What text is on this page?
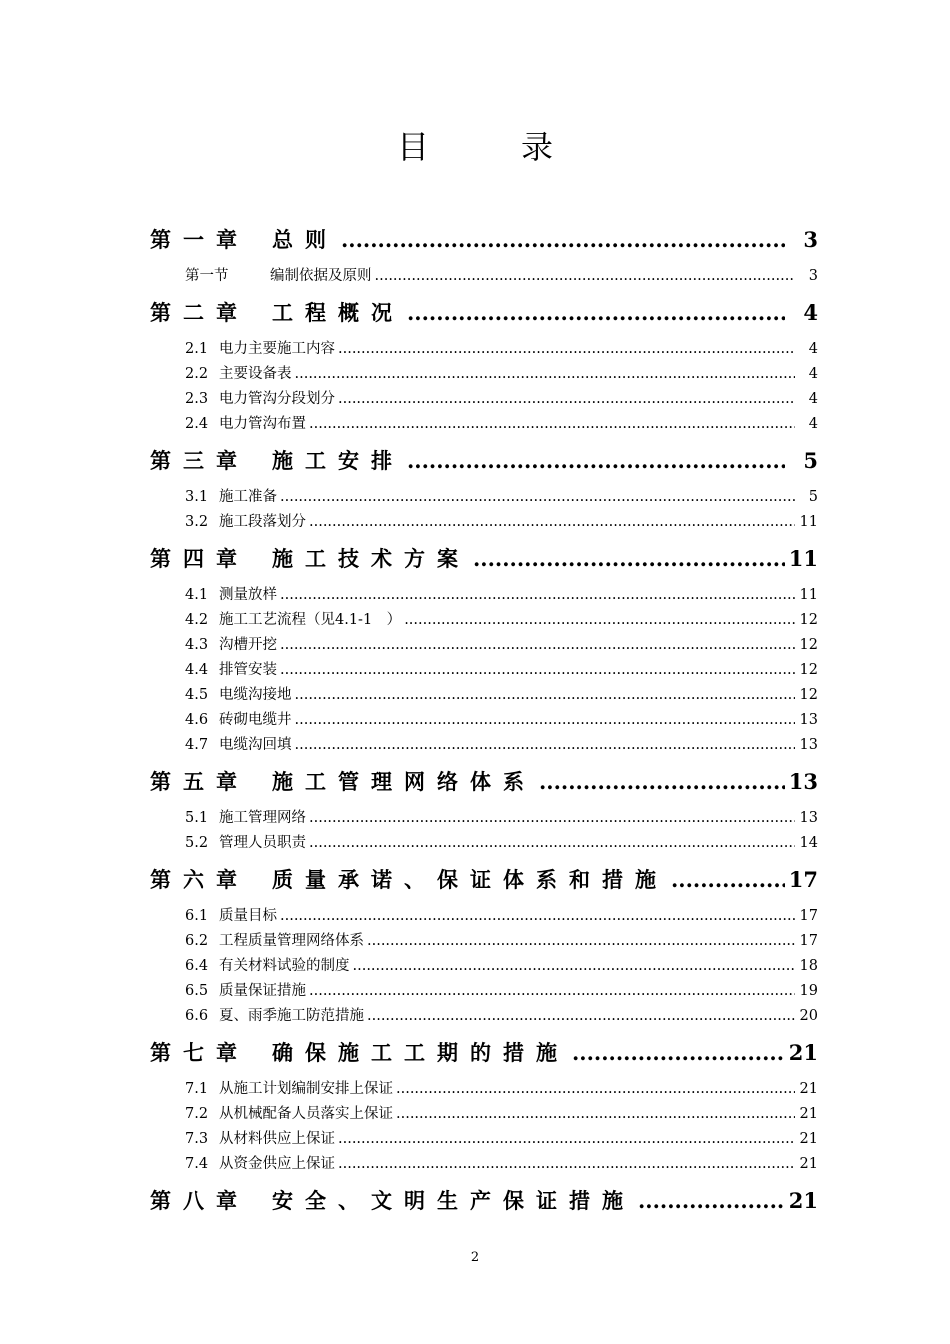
目　录
第一章	总则 .....	3
第一节	编制依据及原则 .....	3
第二章	工程概况 .....	4
2.1 电力主要施工内容 .....	4
2.2 主要设备表 .....	4
2.3 电力管沟分段划分 .....	4
2.4 电力管沟布置 .....	4
第三章	施工安排 .....	5
3.1 施工准备 .....	5
3.2 施工段落划分 .....	11
第四章	施工技术方案 .....	11
4.1 测量放样 .....	11
4.2 施工工艺流程（见4.1-1　） .....	12
4.3 沟槽开挖 .....	12
4.4 排管安装 .....	12
4.5 电缆沟接地 .....	12
4.6 砖砌电缆井 .....	13
4.7 电缆沟回填 .....	13
第五章	施工管理网络体系 .....	13
5.1 施工管理网络 .....	13
5.2 管理人员职责 .....	14
第六章	质量承诺、保证体系和措施 .....	17
6.1 质量目标 .....	17
6.2 工程质量管理网络体系 .....	17
6.4 有关材料试验的制度 .....	18
6.5 质量保证措施 .....	19
6.6 夏、雨季施工防范措施 .....	20
第七章	确保施工工期的措施 .....	21
7.1 从施工计划编制安排上保证 .....	21
7.2 从机械配备人员落实上保证 .....	21
7.3 从材料供应上保证 .....	21
7.4 从资金供应上保证 .....	21
第八章	安全、文明生产保证措施 .....	21
2
